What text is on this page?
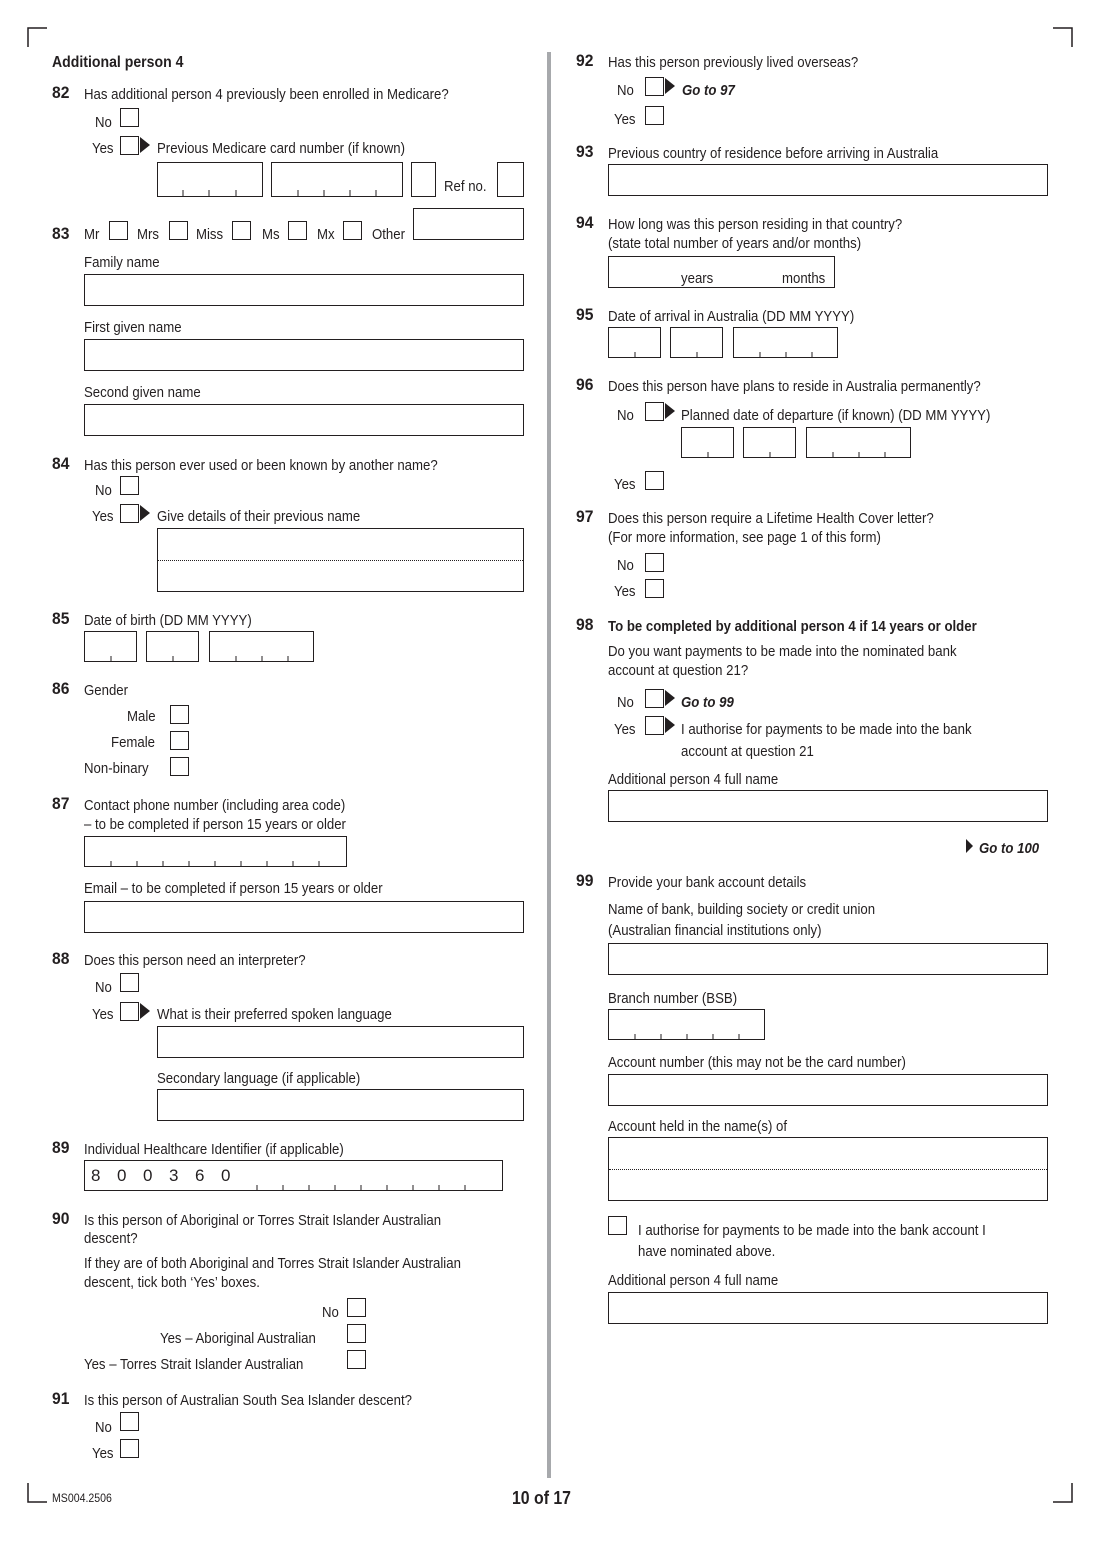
Additional person 4
82 Has additional person 4 previously been enrolled in Medicare?
No
Yes	Previous Medicare card number (if known)
Ref no.
83 Mr	Mrs Miss	Ms Mx Other
Family name
First given name
Second given name
84 Has this person ever used or been known by another name?
No
Yes	Give details of their previous name
85 Date of birth (DD MM YYYY)
86 Gender
Male
Female
Non-binary
87 Contact phone number (including area code)
– to be completed if person 15 years or older
Email – to be completed if person 15 years or older
88 Does this person need an interpreter?
No
Yes	What is their preferred spoken language
Secondary language (if applicable)
89 Individual Healthcare Identifier (if applicable)
8 0 0 3 6 0
90 Is this person of Aboriginal or Torres Strait Islander Australian
descent?
If they are of both Aboriginal and Torres Strait Islander Australian
descent, tick both ‘Yes’ boxes.
No
Yes – Aboriginal Australian
Yes – Torres Strait Islander Australian
91 Is this person of Australian South Sea Islander descent?
No
Yes
92 Has this person previously lived overseas?
No	Go to 97
Yes
93 Previous country of residence before arriving in Australia
94 How long was this person residing in that country?
(state total number of years and/or months)
years	months
95 Date of arrival in Australia (DD MM YYYY)
96 Does this person have plans to reside in Australia permanently?
No	Planned date of departure (if known) (DD MM YYYY)
Yes
97 Does this person require a Lifetime Health Cover letter?
(For more information, see page 1 of this form)
No
Yes
98 To be completed by additional person 4 if 14 years or older
Do you want payments to be made into the nominated bank
account at question 21?
No	Go to 99
Yes	I authorise for payments to be made into the bank
account at question 21
Additional person 4 full name
Go to 100
99 Provide your bank account details
Name of bank, building society or credit union
(Australian financial institutions only)
Branch number (BSB)
Account number (this may not be the card number)
Account held in the name(s) of
I authorise for payments to be made into the bank account I
have nominated above.
Additional person 4 full name
MS004.2506	10 of 17
